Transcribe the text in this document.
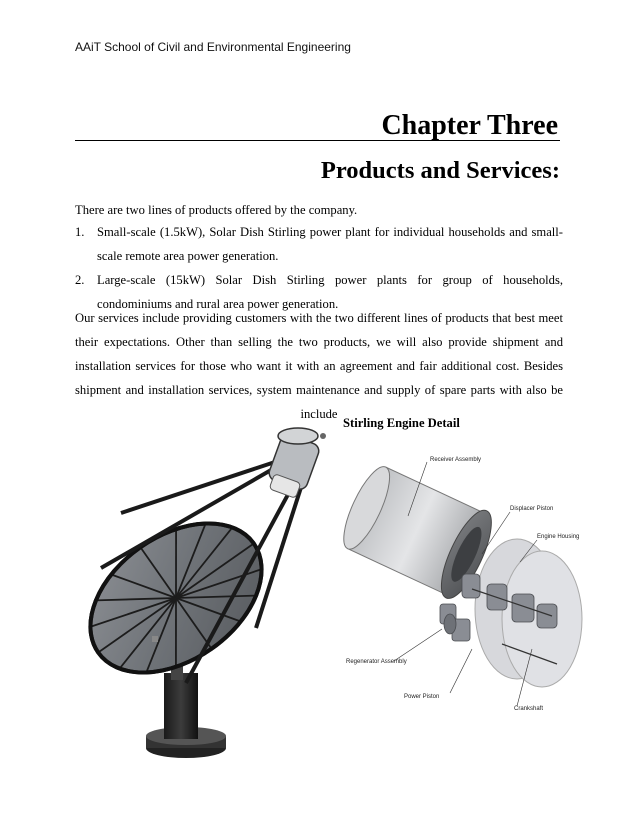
AAiT School of Civil and Environmental Engineering
Chapter Three
Products and Services:
There are two lines of products offered by the company.
1. Small-scale (1.5kW), Solar Dish Stirling power plant for individual households and small-scale remote area power generation.
2. Large-scale (15kW) Solar Dish Stirling power plants for group of households, condominiums and rural area power generation.
Our services include providing customers with the two different lines of products that best meet their expectations. Other than selling the two products, we will also provide shipment and installation services for those who want it with an agreement and fair additional cost. Besides shipment and installation services, system maintenance and supply of spare parts with also be include
Stirling Engine Detail
Receiver Assembly
Displacer Piston
Engine Housing
Regenerator Assembly
Power Piston
Crankshaft
